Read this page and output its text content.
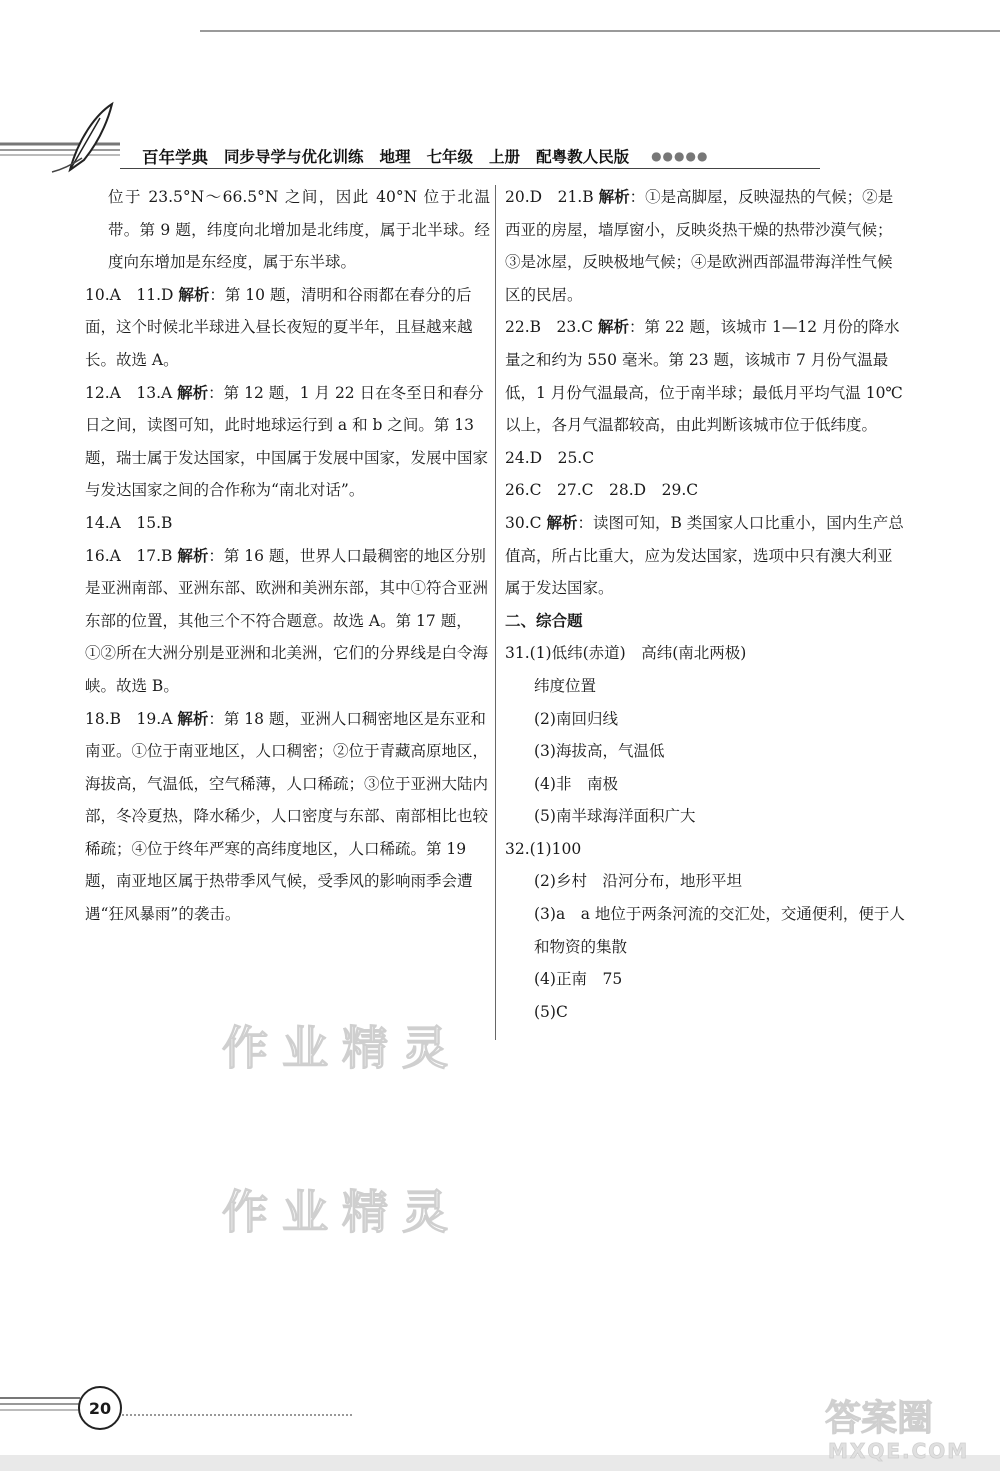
百年学典 同步导学与优化训练 地理 七年级 上册 配粤教人民版 ●●●●●
位于 23.5°N～66.5°N 之间，因此 40°N 位于北温带。第 9 题，纬度向北增加是北纬度，属于北半球。经度向东增加是东经度，属于东半球。
10.A　11.D 解析：第 10 题，清明和谷雨都在春分的后面，这个时候北半球进入昼长夜短的夏半年，且昼越来越长。故选 A。
12.A　13.A 解析：第 12 题，1 月 22 日在冬至日和春分日之间，读图可知，此时地球运行到 a 和 b 之间。第 13 题，瑞士属于发达国家，中国属于发展中国家，发展中国家与发达国家之间的合作称为“南北对话”。
14.A　15.B
16.A　17.B 解析：第 16 题，世界人口最稠密的地区分别是亚洲南部、亚洲东部、欧洲和美洲东部，其中①符合亚洲东部的位置，其他三个不符合题意。故选 A。第 17 题，①②所在大洲分别是亚洲和北美洲，它们的分界线是白令海峡。故选 B。
18.B　19.A 解析：第 18 题，亚洲人口稠密地区是东亚和南亚。①位于南亚地区，人口稠密；②位于青藏高原地区，海拔高，气温低，空气稀薄，人口稀疏；③位于亚洲大陆内部，冬冷夏热，降水稀少，人口密度与东部、南部相比也较稀疏；④位于终年严寒的高纬度地区，人口稀疏。第 19 题，南亚地区属于热带季风气候，受季风的影响雨季会遭遇“狂风暴雨”的袭击。
20.D　21.B 解析：①是高脚屋，反映湿热的气候；②是西亚的房屋，墙厚窗小，反映炎热干燥的热带沙漠气候；③是冰屋，反映极地气候；④是欧洲西部温带海洋性气候区的民居。
22.B　23.C 解析：第 22 题，该城市 1—12 月份的降水量之和约为 550 毫米。第 23 题，该城市 7 月份气温最低，1 月份气温最高，位于南半球；最低月平均气温 10℃ 以上，各月气温都较高，由此判断该城市位于低纬度。
24.D　25.C
26.C　27.C　28.D　29.C
30.C 解析：读图可知，B 类国家人口比重小，国内生产总值高，所占比重大，应为发达国家，选项中只有澳大利亚属于发达国家。
二、综合题
31.(1)低纬(赤道)　高纬(南北两极)
纬度位置
(2)南回归线
(3)海拔高，气温低
(4)非　南极
(5)南半球海洋面积广大
32.(1)100
(2)乡村　沿河分布，地形平坦
(3)a　a 地位于两条河流的交汇处，交通便利，便于人和物资的集散
(4)正南　75
(5)C
作业精灵
作业精灵
20	答案圈
MXQE.COM
